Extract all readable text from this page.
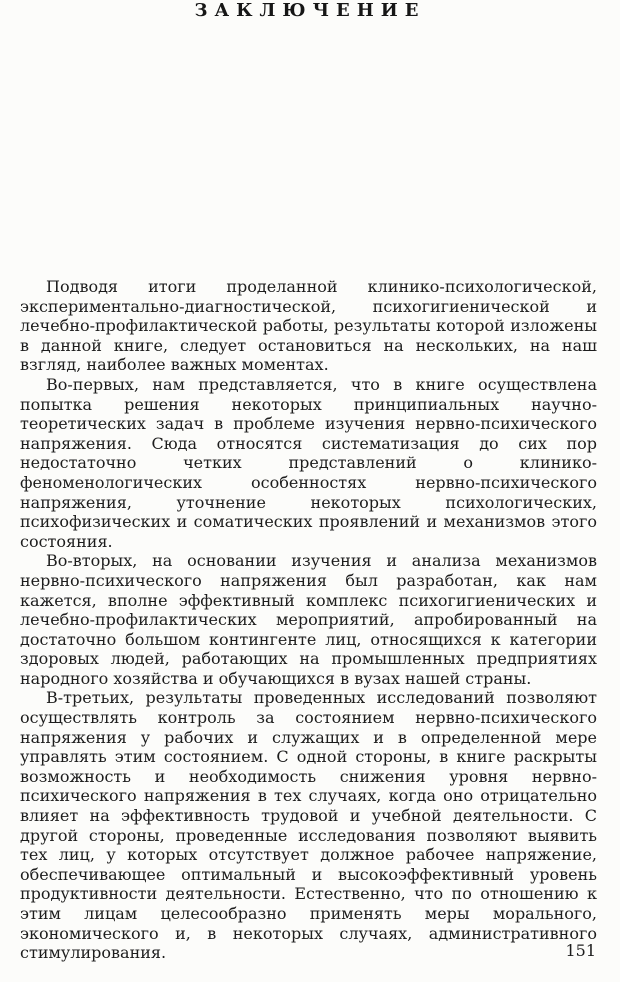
ЗАКЛЮЧЕНИЕ

Подводя итоги проделанной клинико-психологической, экспериментально-диагностической, психогигиенической и лечебно-профилактической работы, результаты которой изложены в данной книге, следует остановиться на нескольких, на наш взгляд, наиболее важных моментах.

Во-первых, нам представляется, что в книге осуществлена попытка решения некоторых принципиальных научно-теоретических задач в проблеме изучения нервно-психического напряжения. Сюда относятся систематизация до сих пор недостаточно четких представлений о клинико-феноменологических особенностях нервно-психического напряжения, уточнение некоторых психологических, психофизических и соматических проявлений и механизмов этого состояния.

Во-вторых, на основании изучения и анализа механизмов нервно-психического напряжения был разработан, как нам кажется, вполне эффективный комплекс психогигиенических и лечебно-профилактических мероприятий, апробированный на достаточно большом контингенте лиц, относящихся к категории здоровых людей, работающих на промышленных предприятиях народного хозяйства и обучающихся в вузах нашей страны.

В-третьих, результаты проведенных исследований позволяют осуществлять контроль за состоянием нервно-психического напряжения у рабочих и служащих и в определенной мере управлять этим состоянием. С одной стороны, в книге раскрыты возможность и необходимость снижения уровня нервно-психического напряжения в тех случаях, когда оно отрицательно влияет на эффективность трудовой и учебной деятельности. С другой стороны, проведенные исследования позволяют выявить тех лиц, у которых отсутствует должное рабочее напряжение, обеспечивающее оптимальный и высокоэффективный уровень продуктивности деятельности. Естественно, что по отношению к этим лицам целесообразно применять меры морального, экономического и, в некоторых случаях, административного стимулирования.	151
